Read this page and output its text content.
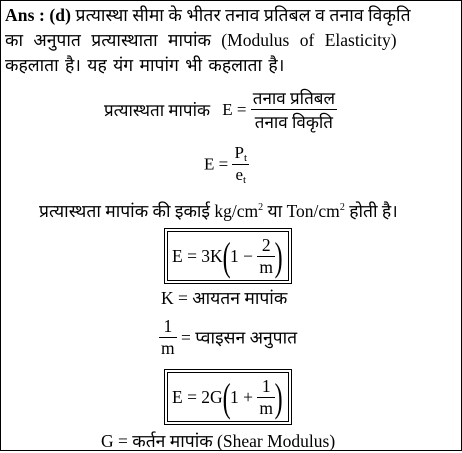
Ans : (d) प्रत्यास्था सीमा के भीतर तनाव प्रतिबल व तनाव विकृति
का अनुपात प्रत्यास्थाता मापांक (Modulus of Elasticity)
कहलाता है। यह यंग मापांग भी कहलाता है।
प्रत्यास्थता मापांक $E = \frac{\text{तनाव प्रतिबल}}{\text{तनाव विकृति}}$
$E = \frac{P_t}{e_t}$
प्रत्यास्थता मापांक की इकाई $kg/cm^2$ या Ton/$cm^2$ होती है।
$E = 3K(1 - \frac{2}{m}$ )
K = आयतन मापांक
$\frac{1}{m}$ = प्वाइसन अनुपात
$E = 2G(1 + \frac{1}{m}$ )
G = कर्तन मापांक (Shear Modulus)
